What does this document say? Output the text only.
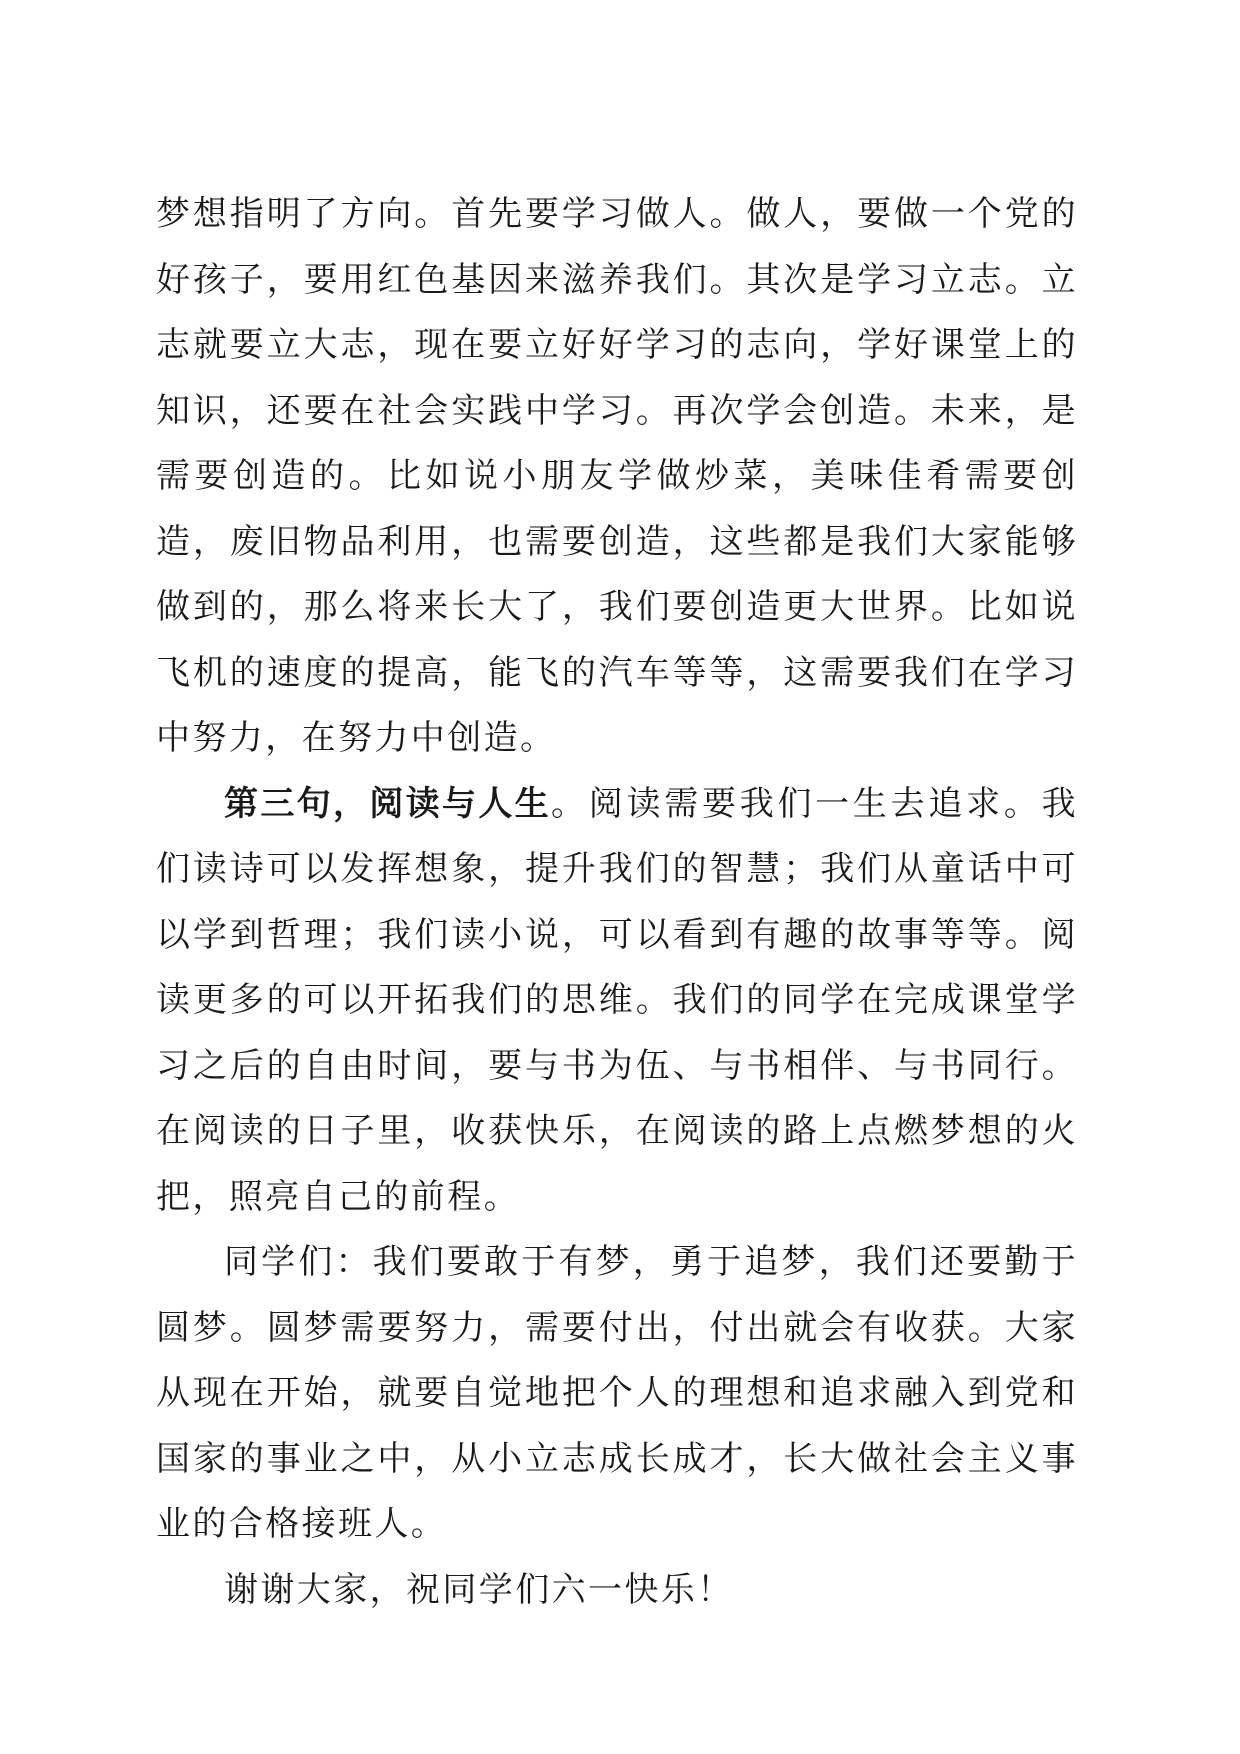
梦想指明了方向。首先要学习做人。做人，要做一个党的好孩子，要用红色基因来滋养我们。其次是学习立志。立志就要立大志，现在要立好好学习的志向，学好课堂上的知识，还要在社会实践中学习。再次学会创造。未来，是需要创造的。比如说小朋友学做炒菜，美味佳肴需要创造，废旧物品利用，也需要创造，这些都是我们大家能够做到的，那么将来长大了，我们要创造更大世界。比如说飞机的速度的提高，能飞的汽车等等，这需要我们在学习中努力，在努力中创造。

第三句，阅读与人生。阅读需要我们一生去追求。我们读诗可以发挥想象，提升我们的智慧；我们从童话中可以学到哲理；我们读小说，可以看到有趣的故事等等。阅读更多的可以开拓我们的思维。我们的同学在完成课堂学习之后的自由时间，要与书为伍、与书相伴、与书同行。在阅读的日子里，收获快乐，在阅读的路上点燃梦想的火把，照亮自己的前程。

同学们：我们要敢于有梦，勇于追梦，我们还要勤于圆梦。圆梦需要努力，需要付出，付出就会有收获。大家从现在开始，就要自觉地把个人的理想和追求融入到党和国家的事业之中，从小立志成长成才，长大做社会主义事业的合格接班人。

谢谢大家，祝同学们六一快乐！
